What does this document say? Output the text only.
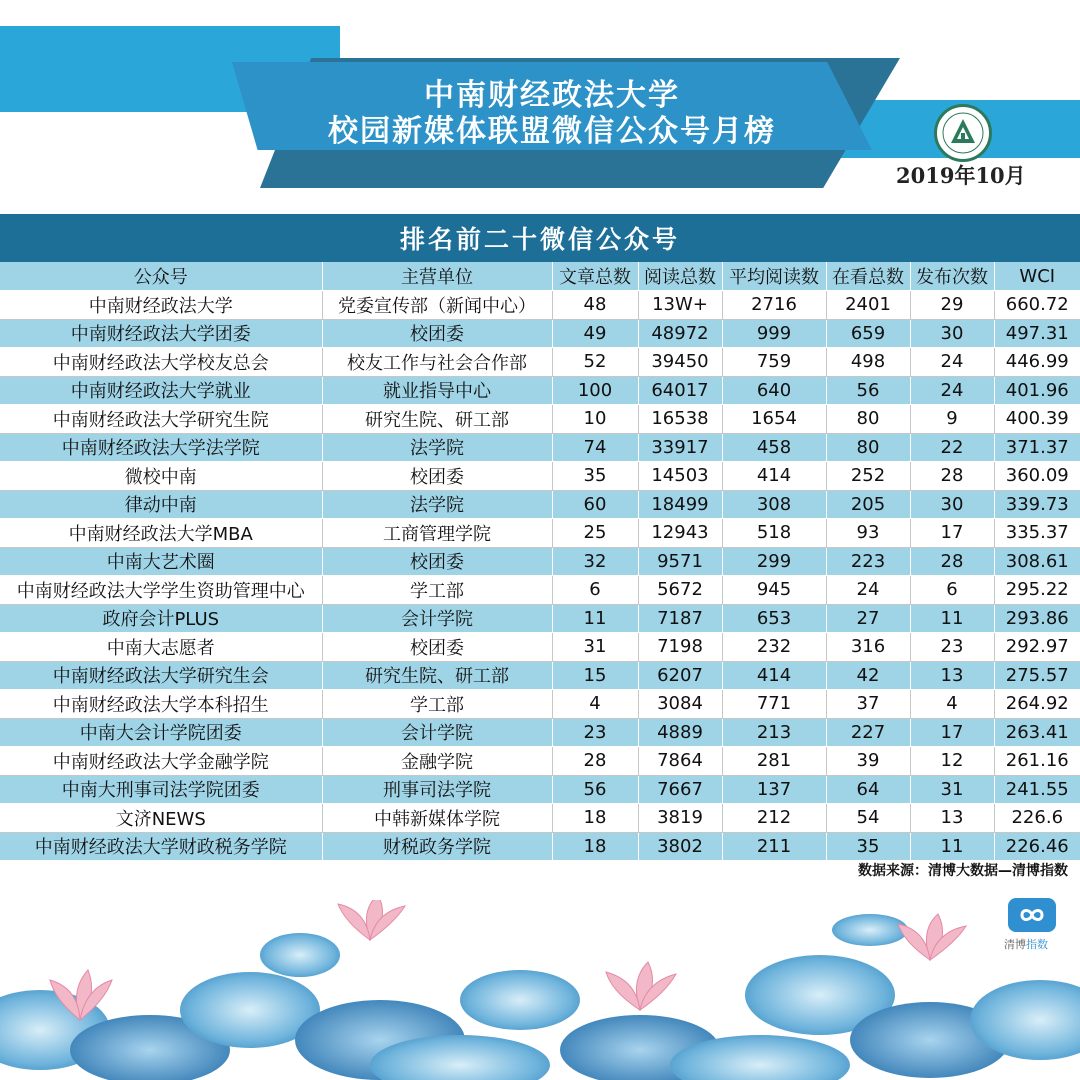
中南财经政法大学
校园新媒体联盟微信公众号月榜
2019年10月
排名前二十微信公众号
公众号	主营单位	文章总数	阅读总数	平均阅读数	在看总数	发布次数	WCI
中南财经政法大学	党委宣传部（新闻中心）	48	13W+	2716	2401	29	660.72
中南财经政法大学团委	校团委	49	48972	999	659	30	497.31
中南财经政法大学校友总会	校友工作与社会合作部	52	39450	759	498	24	446.99
中南财经政法大学就业	就业指导中心	100	64017	640	56	24	401.96
中南财经政法大学研究生院	研究生院、研工部	10	16538	1654	80	9	400.39
中南财经政法大学法学院	法学院	74	33917	458	80	22	371.37
微校中南	校团委	35	14503	414	252	28	360.09
律动中南	法学院	60	18499	308	205	30	339.73
中南财经政法大学MBA	工商管理学院	25	12943	518	93	17	335.37
中南大艺术圈	校团委	32	9571	299	223	28	308.61
中南财经政法大学学生资助管理中心	学工部	6	5672	945	24	6	295.22
政府会计PLUS	会计学院	11	7187	653	27	11	293.86
中南大志愿者	校团委	31	7198	232	316	23	292.97
中南财经政法大学研究生会	研究生院、研工部	15	6207	414	42	13	275.57
中南财经政法大学本科招生	学工部	4	3084	771	37	4	264.92
中南大会计学院团委	会计学院	23	4889	213	227	17	263.41
中南财经政法大学金融学院	金融学院	28	7864	281	39	12	261.16
中南大刑事司法学院团委	刑事司法学院	56	7667	137	64	31	241.55
文济NEWS	中韩新媒体学院	18	3819	212	54	13	226.6
中南财经政法大学财政税务学院	财税政务学院	18	3802	211	35	11	226.46
数据来源：清博大数据—清博指数
清博指数
